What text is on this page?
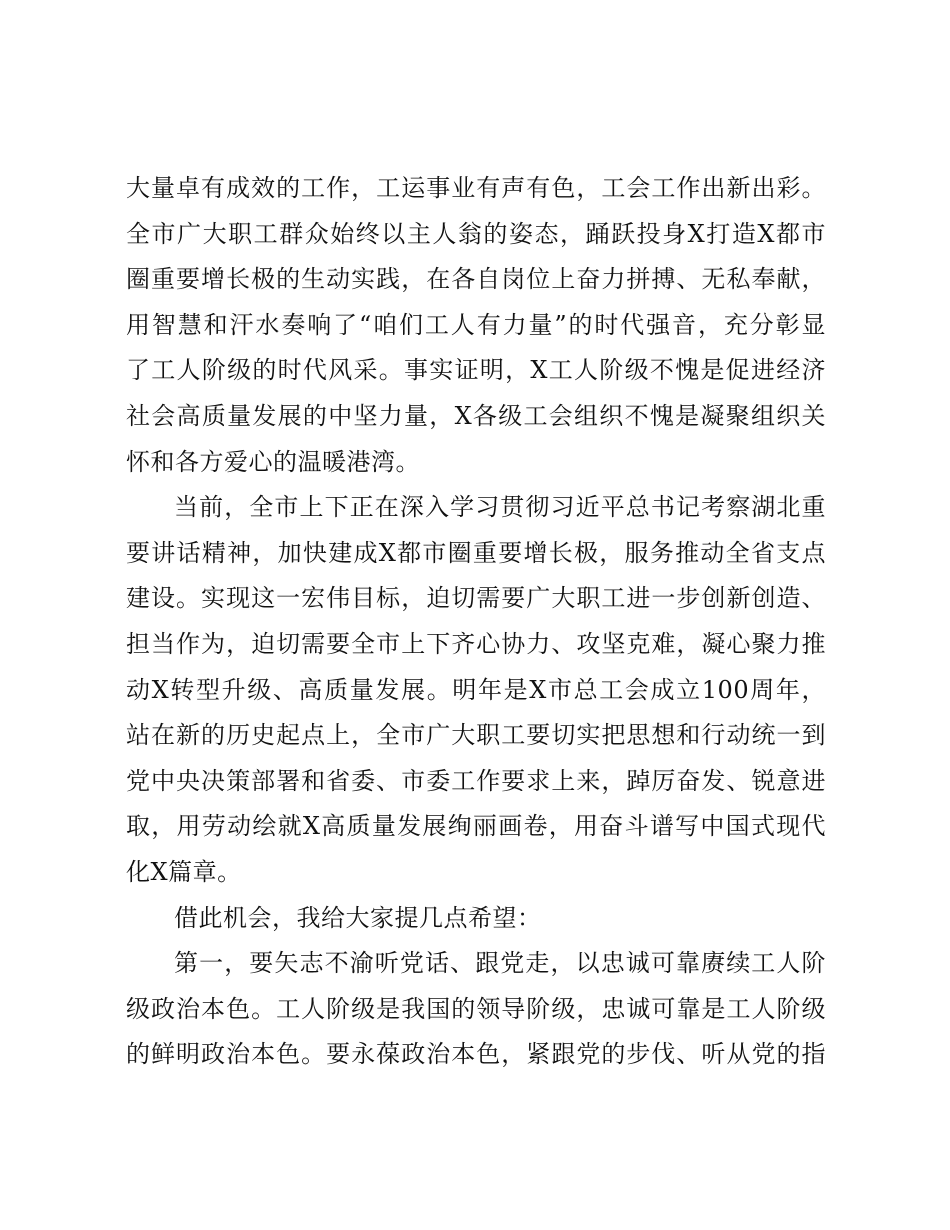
大量卓有成效的工作，工运事业有声有色，工会工作出新出彩。
全市广大职工群众始终以主人翁的姿态，踊跃投身X打造X都市
圈重要增长极的生动实践，在各自岗位上奋力拼搏、无私奉献，
用智慧和汗水奏响了“咱们工人有力量”的时代强音，充分彰显
了工人阶级的时代风采。事实证明，X工人阶级不愧是促进经济
社会高质量发展的中坚力量，X各级工会组织不愧是凝聚组织关
怀和各方爱心的温暖港湾。
当前，全市上下正在深入学习贯彻习近平总书记考察湖北重
要讲话精神，加快建成X都市圈重要增长极，服务推动全省支点
建设。实现这一宏伟目标，迫切需要广大职工进一步创新创造、
担当作为，迫切需要全市上下齐心协力、攻坚克难，凝心聚力推
动X转型升级、高质量发展。明年是X市总工会成立100周年，
站在新的历史起点上，全市广大职工要切实把思想和行动统一到
党中央决策部署和省委、市委工作要求上来，踔厉奋发、锐意进
取，用劳动绘就X高质量发展绚丽画卷，用奋斗谱写中国式现代
化X篇章。
借此机会，我给大家提几点希望：
第一，要矢志不渝听党话、跟党走，以忠诚可靠赓续工人阶
级政治本色。工人阶级是我国的领导阶级，忠诚可靠是工人阶级
的鲜明政治本色。要永葆政治本色，紧跟党的步伐、听从党的指
